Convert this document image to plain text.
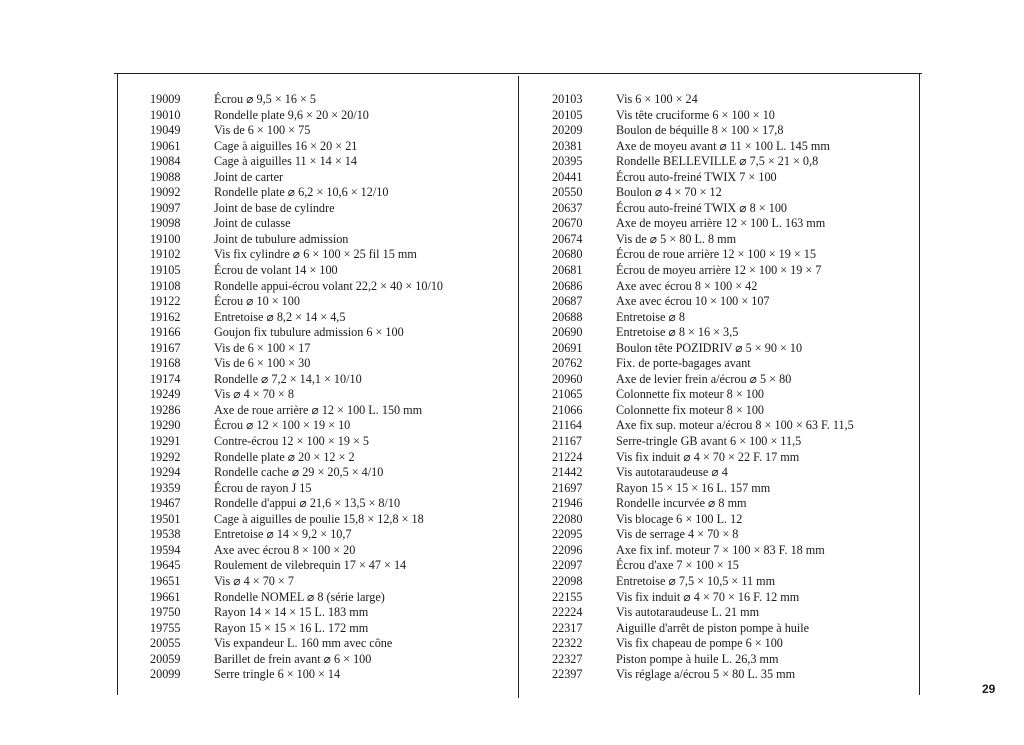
19009	Écrou ⌀ 9,5 × 16 × 5
19010	Rondelle plate 9,6 × 20 × 20/10
19049	Vis de 6 × 100 × 75
19061	Cage à aiguilles 16 × 20 × 21
19084	Cage à aiguilles 11 × 14 × 14
19088	Joint de carter
19092	Rondelle plate ⌀ 6,2 × 10,6 × 12/10
19097	Joint de base de cylindre
19098	Joint de culasse
19100	Joint de tubulure admission
19102	Vis fix cylindre ⌀ 6 × 100 × 25 fil 15 mm
19105	Écrou de volant 14 × 100
19108	Rondelle appui-écrou volant 22,2 × 40 × 10/10
19122	Écrou ⌀ 10 × 100
19162	Entretoise ⌀ 8,2 × 14 × 4,5
19166	Goujon fix tubulure admission 6 × 100
19167	Vis de 6 × 100 × 17
19168	Vis de 6 × 100 × 30
19174	Rondelle ⌀ 7,2 × 14,1 × 10/10
19249	Vis ⌀ 4 × 70 × 8
19286	Axe de roue arrière ⌀ 12 × 100 L. 150 mm
19290	Écrou ⌀ 12 × 100 × 19 × 10
19291	Contre-écrou 12 × 100 × 19 × 5
19292	Rondelle plate ⌀ 20 × 12 × 2
19294	Rondelle cache ⌀ 29 × 20,5 × 4/10
19359	Écrou de rayon J 15
19467	Rondelle d'appui ⌀ 21,6 × 13,5 × 8/10
19501	Cage à aiguilles de poulie 15,8 × 12,8 × 18
19538	Entretoise ⌀ 14 × 9,2 × 10,7
19594	Axe avec écrou 8 × 100 × 20
19645	Roulement de vilebrequin 17 × 47 × 14
19651	Vis ⌀ 4 × 70 × 7
19661	Rondelle NOMEL ⌀ 8 (série large)
19750	Rayon 14 × 14 × 15 L. 183 mm
19755	Rayon 15 × 15 × 16 L. 172 mm
20055	Vis expandeur L. 160 mm avec cône
20059	Barillet de frein avant ⌀ 6 × 100
20099	Serre tringle 6 × 100 × 14
20103	Vis 6 × 100 × 24
20105	Vis tête cruciforme 6 × 100 × 10
20209	Boulon de béquille 8 × 100 × 17,8
20381	Axe de moyeu avant ⌀ 11 × 100 L. 145 mm
20395	Rondelle BELLEVILLE ⌀ 7,5 × 21 × 0,8
20441	Écrou auto-freiné TWIX 7 × 100
20550	Boulon ⌀ 4 × 70 × 12
20637	Écrou auto-freiné TWIX ⌀ 8 × 100
20670	Axe de moyeu arrière 12 × 100 L. 163 mm
20674	Vis de ⌀ 5 × 80 L. 8 mm
20680	Écrou de roue arrière 12 × 100 × 19 × 15
20681	Écrou de moyeu arrière 12 × 100 × 19 × 7
20686	Axe avec écrou 8 × 100 × 42
20687	Axe avec écrou 10 × 100 × 107
20688	Entretoise ⌀ 8
20690	Entretoise ⌀ 8 × 16 × 3,5
20691	Boulon tête POZIDRIV ⌀ 5 × 90 × 10
20762	Fix. de porte-bagages avant
20960	Axe de levier frein a/écrou ⌀ 5 × 80
21065	Colonnette fix moteur 8 × 100
21066	Colonnette fix moteur 8 × 100
21164	Axe fix sup. moteur a/écrou 8 × 100 × 63 F. 11,5
21167	Serre-tringle GB avant 6 × 100 × 11,5
21224	Vis fix induit ⌀ 4 × 70 × 22 F. 17 mm
21442	Vis autotaraudeuse ⌀ 4
21697	Rayon 15 × 15 × 16 L. 157 mm
21946	Rondelle incurvée ⌀ 8 mm
22080	Vis blocage 6 × 100 L. 12
22095	Vis de serrage 4 × 70 × 8
22096	Axe fix inf. moteur 7 × 100 × 83 F. 18 mm
22097	Écrou d'axe 7 × 100 × 15
22098	Entretoise ⌀ 7,5 × 10,5 × 11 mm
22155	Vis fix induit ⌀ 4 × 70 × 16 F. 12 mm
22224	Vis autotaraudeuse L. 21 mm
22317	Aiguille d'arrêt de piston pompe à huile
22322	Vis fix chapeau de pompe 6 × 100
22327	Piston pompe à huile L. 26,3 mm
22397	Vis réglage a/écrou 5 × 80 L. 35 mm
29
